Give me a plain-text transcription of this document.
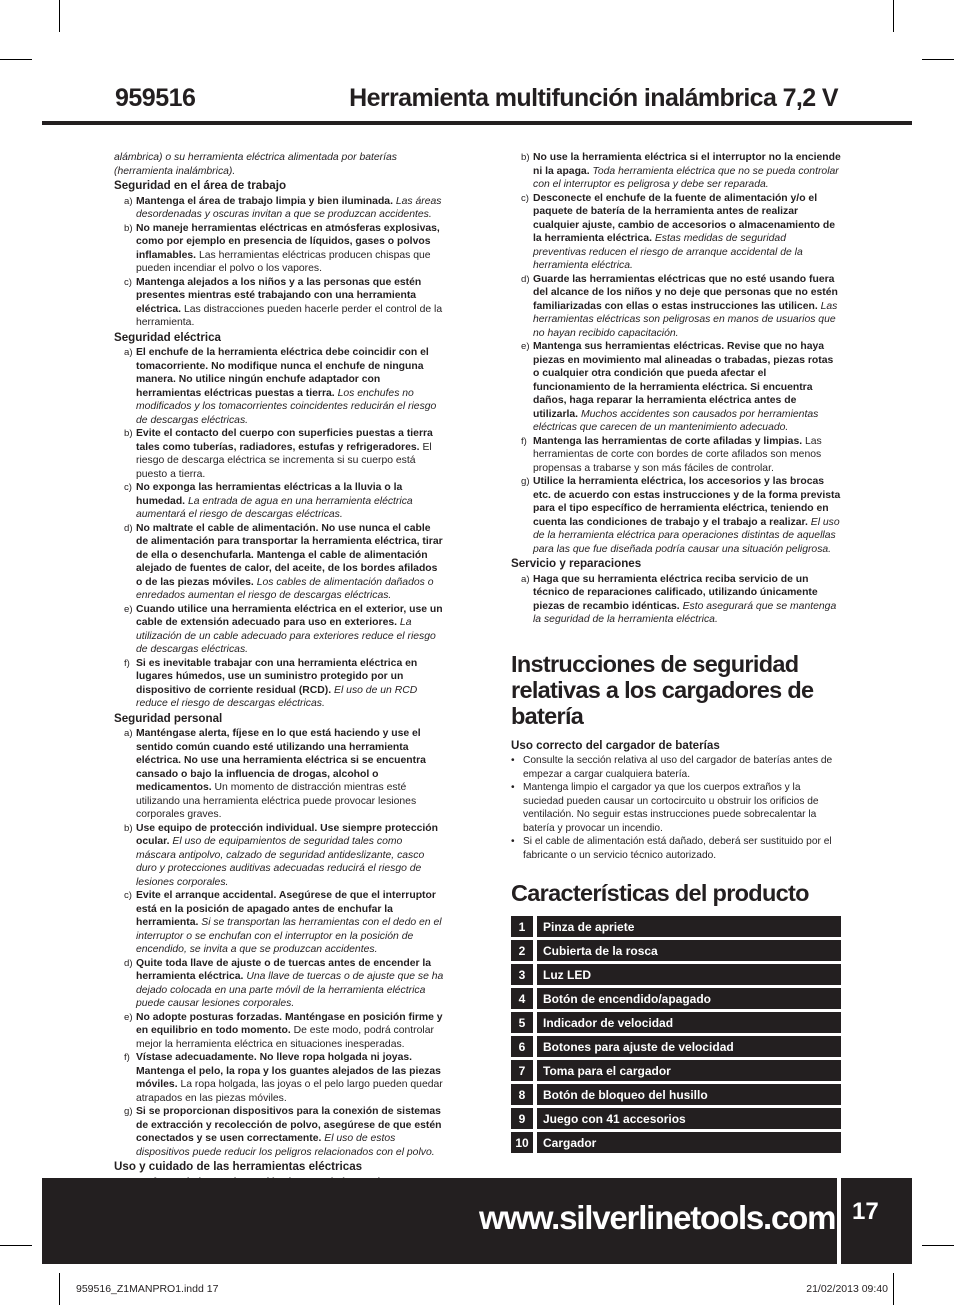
959516	Herramienta multifunción inalámbrica 7,2 V

alámbrica) o su herramienta eléctrica alimentada por baterías (herramienta inalámbrica).

Seguridad en el área de trabajo

a) Mantenga el área de trabajo limpia y bien iluminada. Las áreas desordenadas y oscuras invitan a que se produzcan accidentes.

b) No maneje herramientas eléctricas en atmósferas explosivas, como por ejemplo en presencia de líquidos, gases o polvos inflamables. Las herramientas eléctricas producen chispas que pueden incendiar el polvo o los vapores.

c) Mantenga alejados a los niños y a las personas que estén presentes mientras esté trabajando con una herramienta eléctrica. Las distracciones pueden hacerle perder el control de la herramienta.

Seguridad eléctrica

a) El enchufe de la herramienta eléctrica debe coincidir con el tomacorriente. No modifique nunca el enchufe de ninguna manera. No utilice ningún enchufe adaptador con herramientas eléctricas puestas a tierra. Los enchufes no modificados y los tomacorrientes coincidentes reducirán el riesgo de descargas eléctricas.

b) Evite el contacto del cuerpo con superficies puestas a tierra tales como tuberías, radiadores, estufas y refrigeradores. El riesgo de descarga eléctrica se incrementa si su cuerpo está puesto a tierra.

c) No exponga las herramientas eléctricas a la lluvia o la humedad. La entrada de agua en una herramienta eléctrica aumentará el riesgo de descargas eléctricas.

d) No maltrate el cable de alimentación. No use nunca el cable de alimentación para transportar la herramienta eléctrica, tirar de ella o desenchufarla. Mantenga el cable de alimentación alejado de fuentes de calor, del aceite, de los bordes afilados o de las piezas móviles. Los cables de alimentación dañados o enredados aumentan el riesgo de descargas eléctricas.

e) Cuando utilice una herramienta eléctrica en el exterior, use un cable de extensión adecuado para uso en exteriores. La utilización de un cable adecuado para exteriores reduce el riesgo de descargas eléctricas.

f) Si es inevitable trabajar con una herramienta eléctrica en lugares húmedos, use un suministro protegido por un dispositivo de corriente residual (RCD). El uso de un RCD reduce el riesgo de descargas eléctricas.

Seguridad personal

a) Manténgase alerta, fíjese en lo que está haciendo y use el sentido común cuando esté utilizando una herramienta eléctrica. No use una herramienta eléctrica si se encuentra cansado o bajo la influencia de drogas, alcohol o medicamentos. Un momento de distracción mientras esté utilizando una herramienta eléctrica puede provocar lesiones corporales graves.

b) Use equipo de protección individual. Use siempre protección ocular. El uso de equipamientos de seguridad tales como máscara antipolvo, calzado de seguridad antideslizante, casco duro y protecciones auditivas adecuadas reducirá el riesgo de lesiones corporales.

c) Evite el arranque accidental. Asegúrese de que el interruptor está en la posición de apagado antes de enchufar la herramienta. Si se transportan las herramientas con el dedo en el interruptor o se enchufan con el interruptor en la posición de encendido, se invita a que se produzcan accidentes.

d) Quite toda llave de ajuste o de tuercas antes de encender la herramienta eléctrica. Una llave de tuercas o de ajuste que se ha dejado colocada en una parte móvil de la herramienta eléctrica puede causar lesiones corporales.

e) No adopte posturas forzadas. Manténgase en posición firme y en equilibrio en todo momento. De este modo, podrá controlar mejor la herramienta eléctrica en situaciones inesperadas.

f) Vístase adecuadamente. No lleve ropa holgada ni joyas. Mantenga el pelo, la ropa y los guantes alejados de las piezas móviles. La ropa holgada, las joyas o el pelo largo pueden quedar atrapados en las piezas móviles.

g) Si se proporcionan dispositivos para la conexión de sistemas de extracción y recolección de polvo, asegúrese de que estén conectados y se usen correctamente. El uso de estos dispositivos puede reducir los peligros relacionados con el polvo.

Uso y cuidado de las herramientas eléctricas

b) No use la herramienta eléctrica si el interruptor no la enciende ni la apaga. Toda herramienta eléctrica que no se pueda controlar con el interruptor es peligrosa y debe ser reparada.

c) Desconecte el enchufe de la fuente de alimentación y/o el paquete de batería de la herramienta antes de realizar cualquier ajuste, cambio de accesorios o almacenamiento de la herramienta eléctrica. Estas medidas de seguridad preventivas reducen el riesgo de arranque accidental de la herramienta eléctrica.

d) Guarde las herramientas eléctricas que no esté usando fuera del alcance de los niños y no deje que personas que no estén familiarizadas con ellas o estas instrucciones las utilicen. Las herramientas eléctricas son peligrosas en manos de usuarios que no hayan recibido capacitación.

e) Mantenga sus herramientas eléctricas. Revise que no haya piezas en movimiento mal alineadas o trabadas, piezas rotas o cualquier otra condición que pueda afectar el funcionamiento de la herramienta eléctrica. Si encuentra daños, haga reparar la herramienta eléctrica antes de utilizarla. Muchos accidentes son causados por herramientas eléctricas que carecen de un mantenimiento adecuado.

f) Mantenga las herramientas de corte afiladas y limpias. Las herramientas de corte con bordes de corte afilados son menos propensas a trabarse y son más fáciles de controlar.

g) Utilice la herramienta eléctrica, los accesorios y las brocas etc. de acuerdo con estas instrucciones y de la forma prevista para el tipo específico de herramienta eléctrica, teniendo en cuenta las condiciones de trabajo y el trabajo a realizar. El uso de la herramienta eléctrica para operaciones distintas de aquellas para las que fue diseñada podría causar una situación peligrosa.

Servicio y reparaciones

a) Haga que su herramienta eléctrica reciba servicio de un técnico de reparaciones calificado, utilizando únicamente piezas de recambio idénticas. Esto asegurará que se mantenga la seguridad de la herramienta eléctrica.

Instrucciones de seguridad relativas a los cargadores de batería

Uso correcto del cargador de baterías

• Consulte la sección relativa al uso del cargador de baterías antes de empezar a cargar cualquiera batería.

• Mantenga limpio el cargador ya que los cuerpos extraños y la suciedad pueden causar un cortocircuito u obstruir los orificios de ventilación. No seguir estas instrucciones puede sobrecalentar la batería y provocar un incendio.

• Si el cable de alimentación está dañado, deberá ser sustituido por el fabricante o un servicio técnico autorizado.

Características del producto
1	Pinza de apriete
2	Cubierta de la rosca
3	Luz LED
4	Botón de encendido/apagado
5	Indicador de velocidad
6	Botones para ajuste de velocidad
7	Toma para el cargador
8	Botón de bloqueo del husillo
9	Juego con 41 accesorios
10	Cargador
www.silverlinetools.com 17
959516_Z1MANPRO1.indd 17	21/02/2013 09:40
